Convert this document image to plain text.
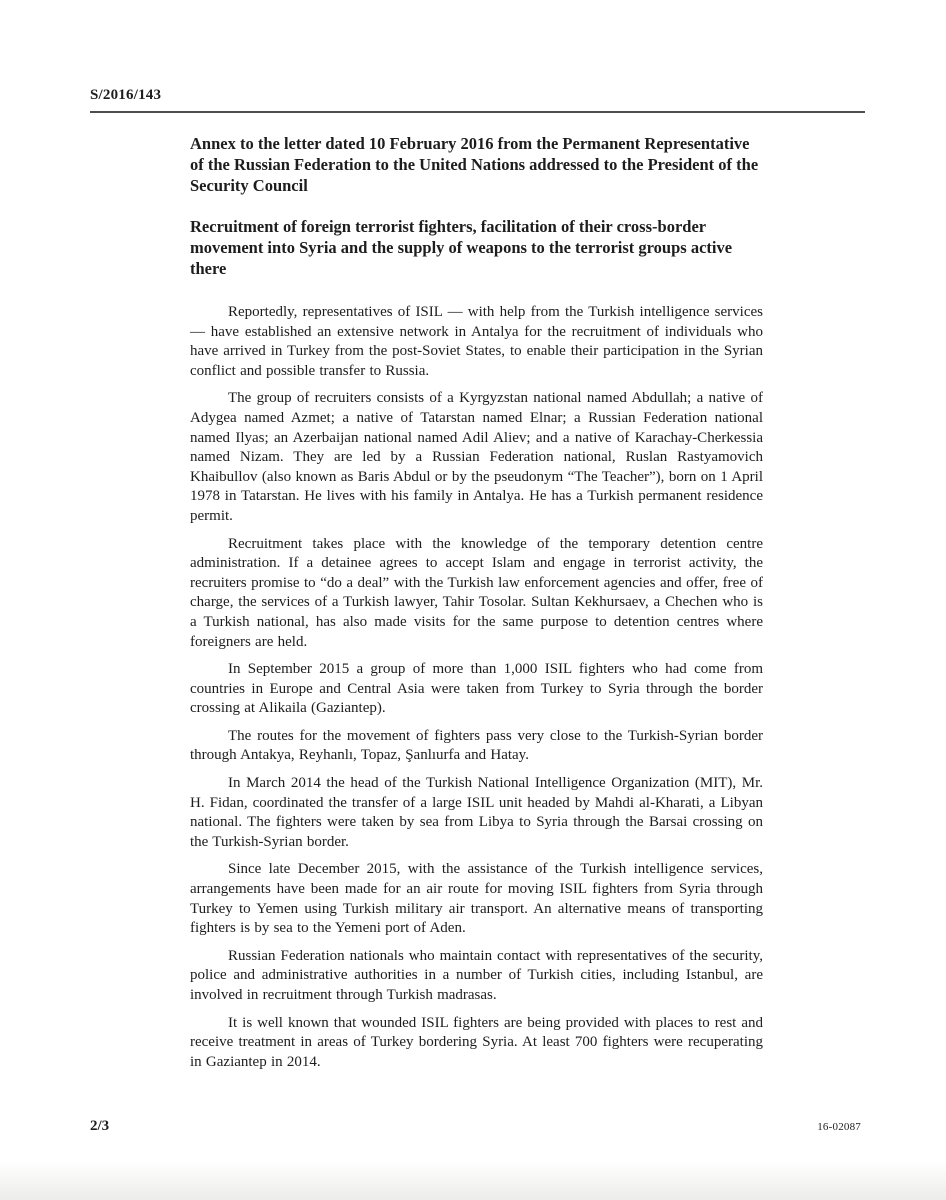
S/2016/143
Annex to the letter dated 10 February 2016 from the Permanent Representative of the Russian Federation to the United Nations addressed to the President of the Security Council
Recruitment of foreign terrorist fighters, facilitation of their cross-border movement into Syria and the supply of weapons to the terrorist groups active there

Reportedly, representatives of ISIL — with help from the Turkish intelligence services — have established an extensive network in Antalya for the recruitment of individuals who have arrived in Turkey from the post-Soviet States, to enable their participation in the Syrian conflict and possible transfer to Russia.

The group of recruiters consists of a Kyrgyzstan national named Abdullah; a native of Adygea named Azmet; a native of Tatarstan named Elnar; a Russian Federation national named Ilyas; an Azerbaijan national named Adil Aliev; and a native of Karachay-Cherkessia named Nizam. They are led by a Russian Federation national, Ruslan Rastyamovich Khaibullov (also known as Baris Abdul or by the pseudonym “The Teacher”), born on 1 April 1978 in Tatarstan. He lives with his family in Antalya. He has a Turkish permanent residence permit.

Recruitment takes place with the knowledge of the temporary detention centre administration. If a detainee agrees to accept Islam and engage in terrorist activity, the recruiters promise to “do a deal” with the Turkish law enforcement agencies and offer, free of charge, the services of a Turkish lawyer, Tahir Tosolar. Sultan Kekhursaev, a Chechen who is a Turkish national, has also made visits for the same purpose to detention centres where foreigners are held.

In September 2015 a group of more than 1,000 ISIL fighters who had come from countries in Europe and Central Asia were taken from Turkey to Syria through the border crossing at Alikaila (Gaziantep).

The routes for the movement of fighters pass very close to the Turkish-Syrian border through Antakya, Reyhanlı, Topaz, Şanlıurfa and Hatay.

In March 2014 the head of the Turkish National Intelligence Organization (MIT), Mr. H. Fidan, coordinated the transfer of a large ISIL unit headed by Mahdi al-Kharati, a Libyan national. The fighters were taken by sea from Libya to Syria through the Barsai crossing on the Turkish-Syrian border.

Since late December 2015, with the assistance of the Turkish intelligence services, arrangements have been made for an air route for moving ISIL fighters from Syria through Turkey to Yemen using Turkish military air transport. An alternative means of transporting fighters is by sea to the Yemeni port of Aden.

Russian Federation nationals who maintain contact with representatives of the security, police and administrative authorities in a number of Turkish cities, including Istanbul, are involved in recruitment through Turkish madrasas.

It is well known that wounded ISIL fighters are being provided with places to rest and receive treatment in areas of Turkey bordering Syria. At least 700 fighters were recuperating in Gaziantep in 2014.

2/3	16-02087
